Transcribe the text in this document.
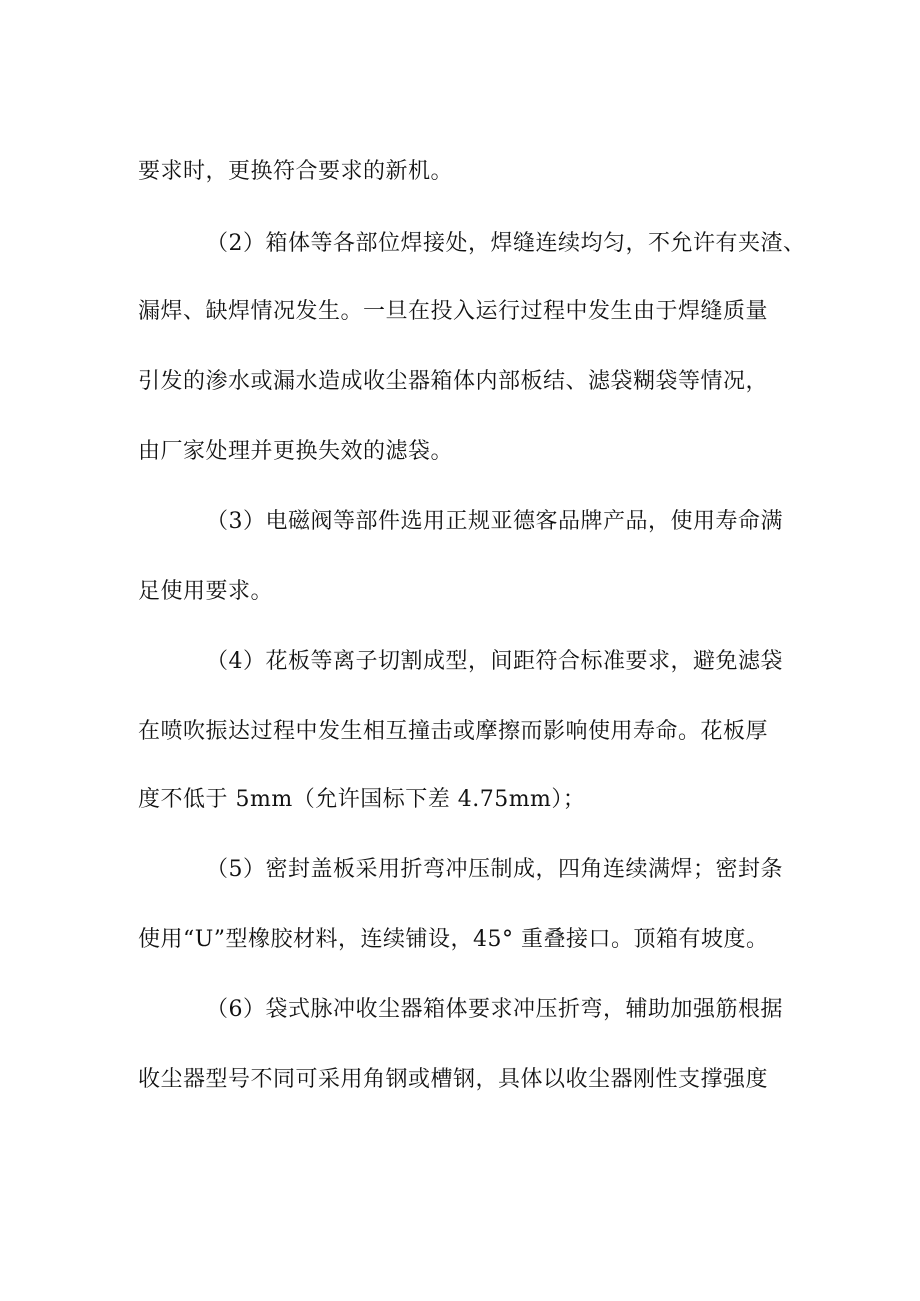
要求时，更换符合要求的新机。
（2）箱体等各部位焊接处，焊缝连续均匀，不允许有夹渣、
漏焊、缺焊情况发生。一旦在投入运行过程中发生由于焊缝质量
引发的渗水或漏水造成收尘器箱体内部板结、滤袋糊袋等情况，
由厂家处理并更换失效的滤袋。
（3）电磁阀等部件选用正规亚德客品牌产品，使用寿命满
足使用要求。
（4）花板等离子切割成型，间距符合标准要求，避免滤袋
在喷吹振达过程中发生相互撞击或摩擦而影响使用寿命。花板厚
度不低于 5mm（允许国标下差 4.75mm）；
（5）密封盖板采用折弯冲压制成，四角连续满焊；密封条
使用“U”型橡胶材料，连续铺设，45° 重叠接口。顶箱有坡度。
（6）袋式脉冲收尘器箱体要求冲压折弯，辅助加强筋根据
收尘器型号不同可采用角钢或槽钢，具体以收尘器刚性支撑强度
